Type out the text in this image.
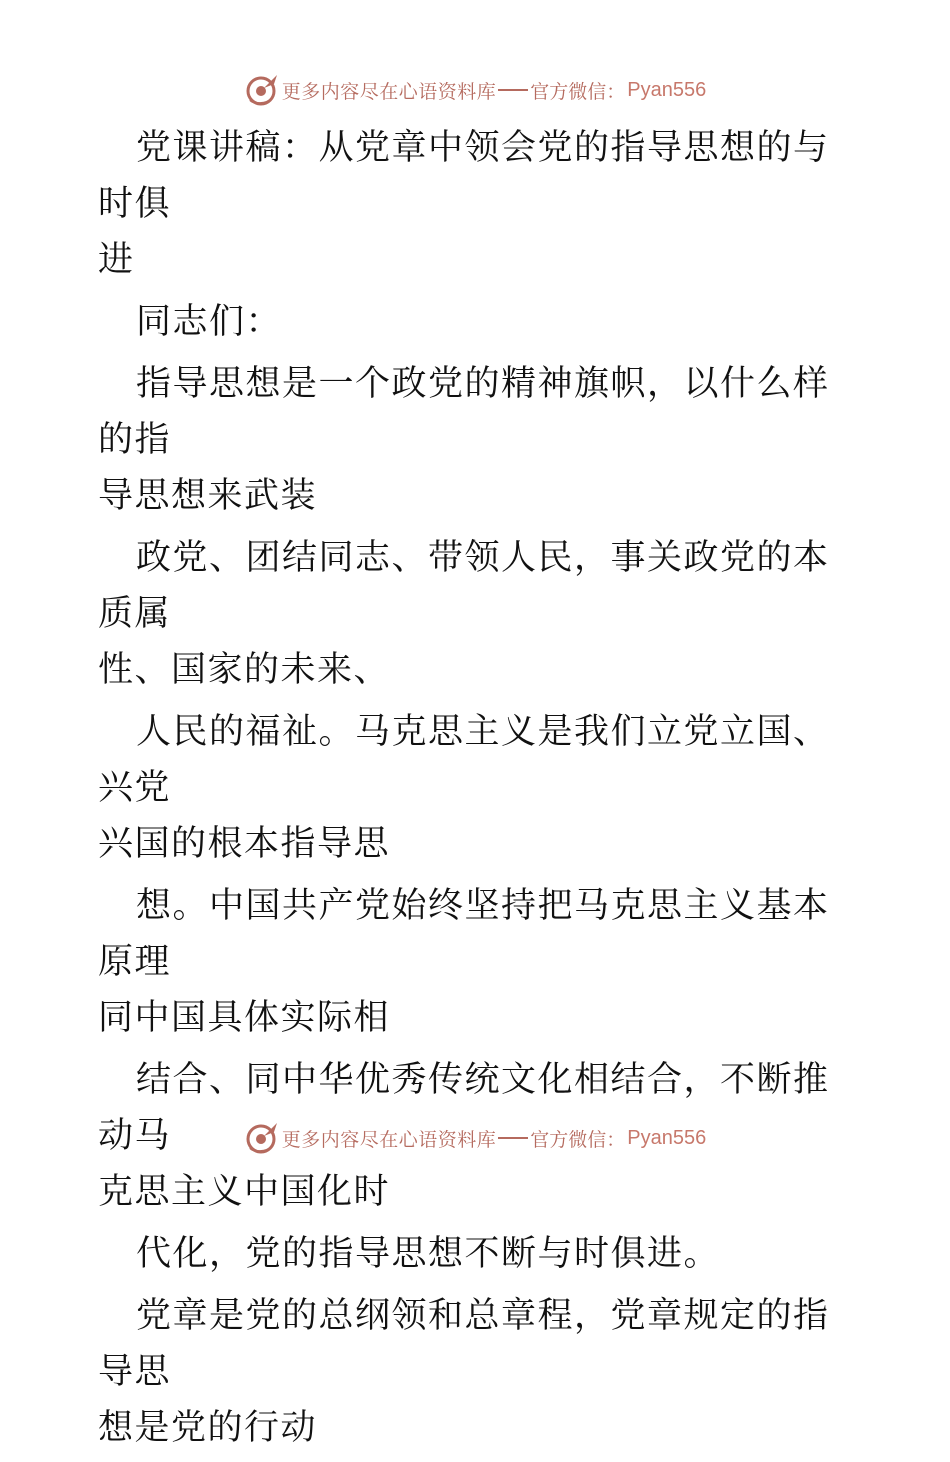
更多内容尽在心语资料库 官方微信： Pyan556

党课讲稿：从党章中领会党的指导思想的与时俱
进

同志们：

指导思想是一个政党的精神旗帜，以什么样的指
导思想来武装

政党、团结同志、带领人民，事关政党的本质属
性、国家的未来、

人民的福祉。马克思主义是我们立党立国、兴党
兴国的根本指导思

想。中国共产党始终坚持把马克思主义基本原理
同中国具体实际相

结合、同中华优秀传统文化相结合，不断推动马
克思主义中国化时

代化，党的指导思想不断与时俱进。

党章是党的总纲领和总章程，党章规定的指导思
想是党的行动

更多内容尽在心语资料库 官方微信： Pyan556
